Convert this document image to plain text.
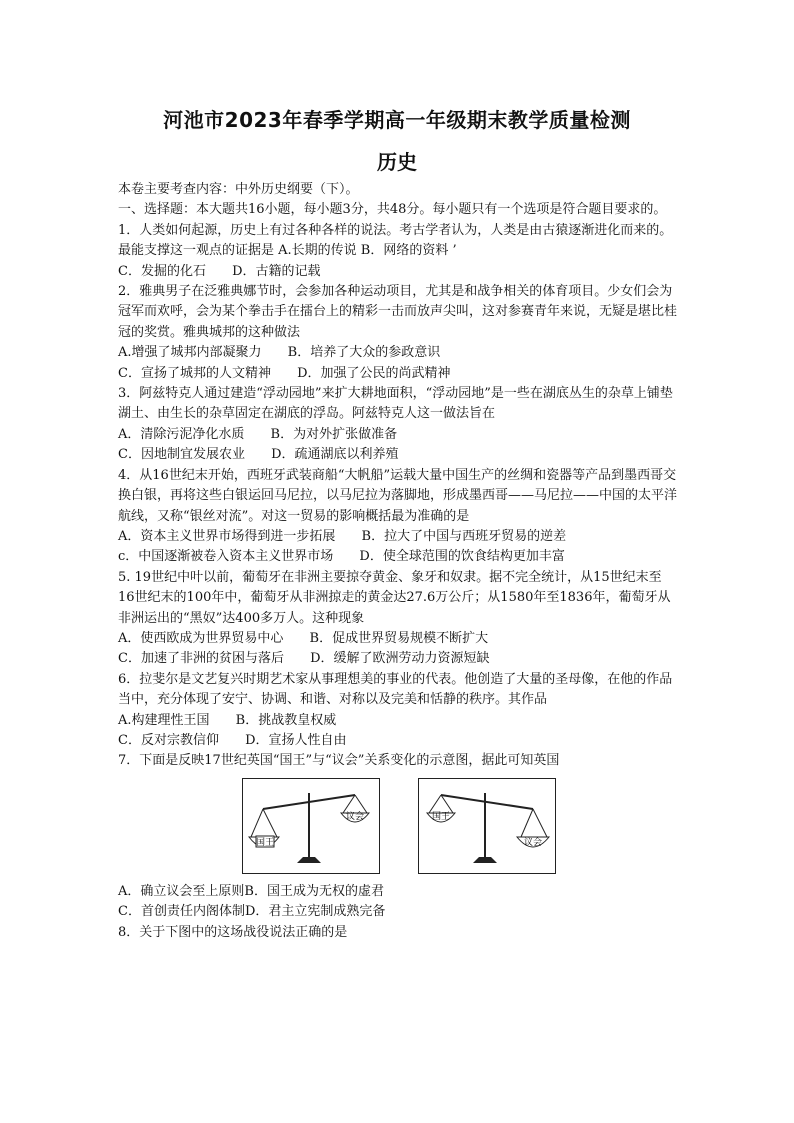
河池市2023年春季学期高一年级期末教学质量检测
历史

本卷主要考查内容：中外历史纲要（下）。

一、选择题：本大题共16小题，每小题3分，共48分。每小题只有一个选项是符合题目要求的。

1．人类如何起源，历史上有过各种各样的说法。考古学者认为，人类是由古猿逐渐进化而来的。最能支撑这一观点的证据是 A.长期的传说 B．网络的资料 ’

C．发掘的化石 D．古籍的记载

2．雅典男子在泛雅典娜节时，会参加各种运动项目，尤其是和战争相关的体育项目。少女们会为冠军而欢呼，会为某个拳击手在擂台上的精彩一击而放声尖叫，这对参赛青年来说，无疑是堪比桂冠的奖赏。雅典城邦的这种做法

A.增强了城邦内部凝聚力 B．培养了大众的参政意识
C．宣扬了城邦的人文精神 D．加强了公民的尚武精神

3．阿兹特克人通过建造“浮动园地”来扩大耕地面积，“浮动园地”是一些在湖底丛生的杂草上铺垫湖土、由生长的杂草固定在湖底的浮岛。阿兹特克人这一做法旨在

A．清除污泥净化水质 B．为对外扩张做准备
C．因地制宜发展农业 D．疏通湖底以利养殖

4．从16世纪末开始，西班牙武装商船“大帆船”运载大量中国生产的丝绸和瓷器等产品到墨西哥交换白银，再将这些白银运回马尼拉，以马尼拉为落脚地，形成墨西哥——马尼拉——中国的太平洋航线，又称“银丝对流”。对这一贸易的影响概括最为准确的是

A．资本主义世界市场得到进一步拓展 B．拉大了中国与西班牙贸易的逆差
c．中国逐渐被卷入资本主义世界市场 D．使全球范围的饮食结构更加丰富

5. 19世纪中叶以前，葡萄牙在非洲主要掠夺黄金、象牙和奴隶。据不完全统计，从15世纪末至16世纪末的100年中，葡萄牙从非洲掠走的黄金达27.6万公斤；从1580年至1836年，葡萄牙从非洲运出的“黑奴”达400多万人。这种现象

A．使西欧成为世界贸易中心 B．促成世界贸易规模不断扩大
C．加速了非洲的贫困与落后 D．缓解了欧洲劳动力资源短缺

6．拉斐尔是文艺复兴时期艺术家从事理想美的事业的代表。他创造了大量的圣母像，在他的作品当中，充分体现了安宁、协调、和谐、对称以及完美和恬静的秩序。其作品

A.构建理性王国 B．挑战教皇权威
C．反对宗教信仰 D．宣扬人性自由

7．下面是反映17世纪英国“国王”与“议会”关系变化的示意图，据此可知英国

国王
议会	国王
议会
A．确立议会至上原则B．国王成为无权的虚君
C．首创责任内阁体制D．君主立宪制成熟完备

8．关于下图中的这场战役说法正确的是
